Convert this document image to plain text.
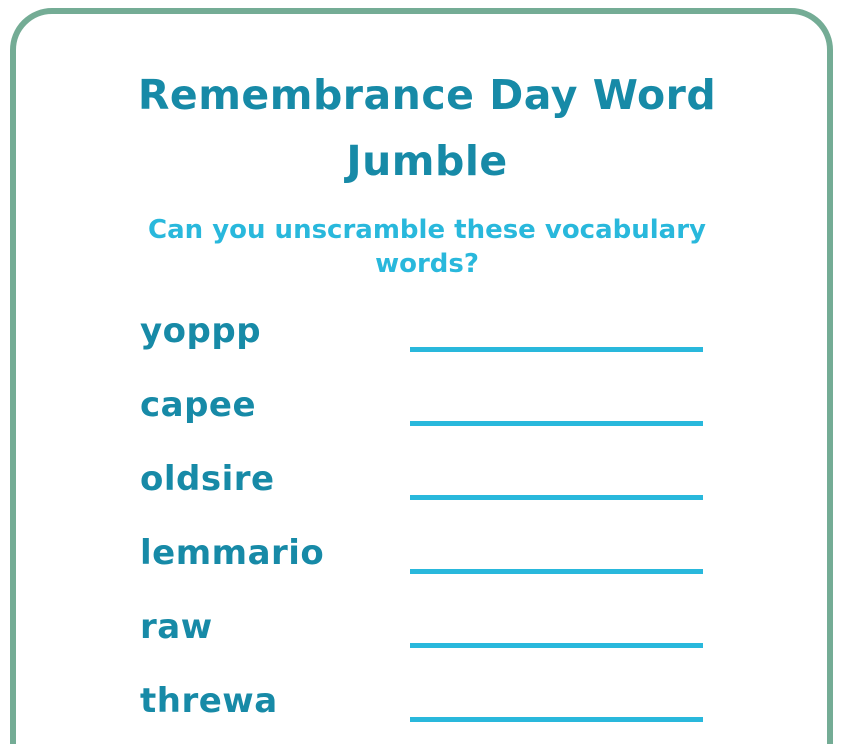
Remembrance Day Word
Jumble
Can you unscramble these vocabulary
words?
yoppp
capee
oldsire
lemmario
raw
threwa
